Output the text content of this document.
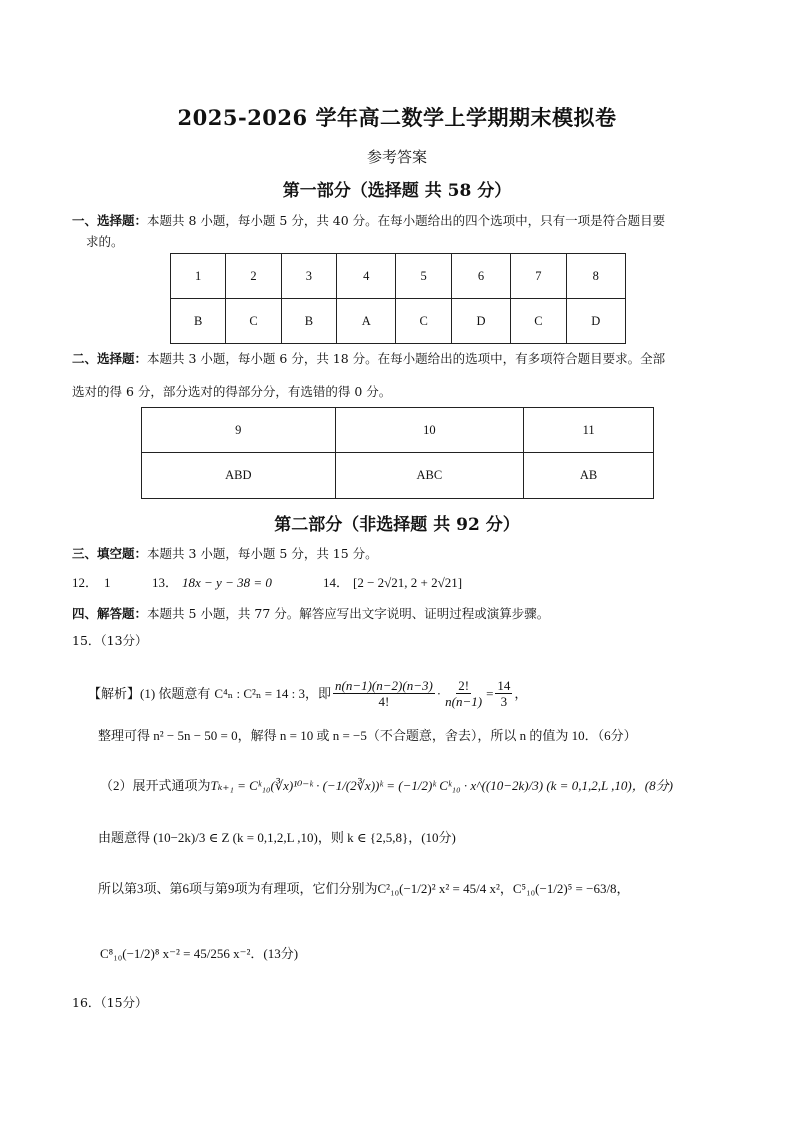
2025-2026 学年高二数学上学期期末模拟卷
参考答案
第一部分（选择题 共 58 分）
一、选择题：本题共 8 小题，每小题 5 分，共 40 分。在每小题给出的四个选项中，只有一项是符合题目要
求的。
1	2	3	4	5	6	7	8
B	C	B	A	C	D	C	D
二、选择题：本题共 3 小题，每小题 6 分，共 18 分。在每小题给出的选项中，有多项符合题目要求。全部
选对的得 6 分，部分选对的得部分分，有选错的得 0 分。
9	10	11
ABD	ABC	AB
第二部分（非选择题 共 92 分）
三、填空题：本题共 3 小题，每小题 5 分，共 15 分。
12． 1	13． 18x − y − 38 = 0	14． [2 − 2√21, 2 + 2√21]
四、解答题：本题共 5 小题，共 77 分。解答应写出文字说明、证明过程或演算步骤。
15．（13分）
【解析】(1) 依题意有 C⁴ₙ : C²ₙ = 14 : 3，即 $\frac{n(n-1)(n-2)(n-3)}{4!} \cdot \frac{2!}{n(n-1)} = \frac{14}{3}$ ，
整理可得 n² − 5n − 50 = 0，解得 n = 10 或 n = −5（不合题意，舍去），所以 n 的值为 10．（6分）
（2）展开式通项为Tₖ₊₁ = Cᵏ₁₀(∛x)¹⁰⁻ᵏ · (−1/(2∛x))ᵏ = (−1/2)ᵏ Cᵏ₁₀ · x^((10−2k)/3) (k = 0,1,2,L ,10)，(8分)
由题意得 (10−2k)/3 ∈ Z (k = 0,1,2,L ,10)，则 k ∈ {2,5,8}，(10分)
所以第3项、第6项与第9项为有理项，它们分别为C²₁₀(−1/2)² x² = 45/4 x²，C⁵₁₀(−1/2)⁵ = −63/8，
C⁸₁₀(−1/2)⁸ x⁻² = 45/256 x⁻²．(13分)
16．（15分）
